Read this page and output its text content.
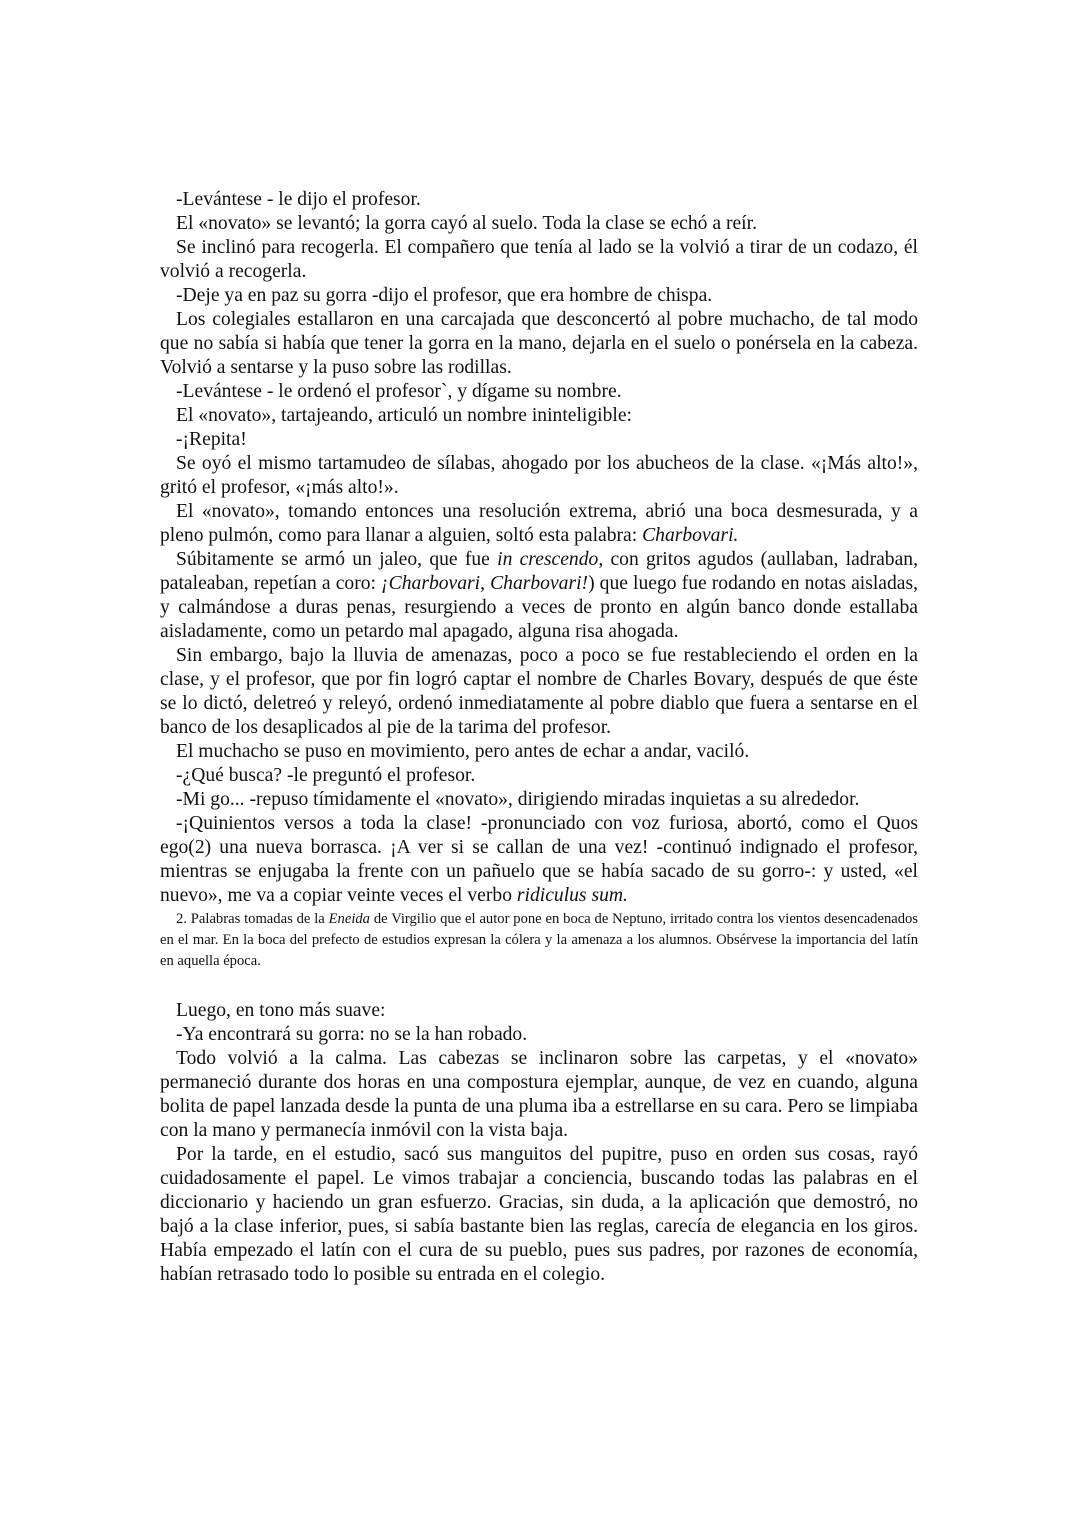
-Levántese - le dijo el profesor.

El «novato» se levantó; la gorra cayó al suelo. Toda la clase se echó a reír.

Se inclinó para recogerla. El compañero que tenía al lado se la volvió a tirar de un codazo, él volvió a recogerla.

-Deje ya en paz su gorra -dijo el profesor, que era hombre de chispa.

Los colegiales estallaron en una carcajada que desconcertó al pobre muchacho, de tal modo que no sabía si había que tener la gorra en la mano, dejarla en el suelo o ponérsela en la cabeza. Volvió a sentarse y la puso sobre las rodillas.

-Levántese - le ordenó el profesor`, y dígame su nombre.

El «novato», tartajeando, articuló un nombre ininteligible:

-¡Repita!

Se oyó el mismo tartamudeo de sílabas, ahogado por los abucheos de la clase. «¡Más alto!», gritó el profesor, «¡más alto!».

El «novato», tomando entonces una resolución extrema, abrió una boca desmesurada, y a pleno pulmón, como para llanar a alguien, soltó esta palabra: Charbovari.

Súbitamente se armó un jaleo, que fue in crescendo, con gritos agudos (aullaban, ladraban, pataleaban, repetían a coro: ¡Charbovari, Charbovari!) que luego fue rodando en notas aisladas, y calmándose a duras penas, resurgiendo a veces de pronto en algún banco donde estallaba aisladamente, como un petardo mal apagado, alguna risa ahogada.

Sin embargo, bajo la lluvia de amenazas, poco a poco se fue restableciendo el orden en la clase, y el profesor, que por fin logró captar el nombre de Charles Bovary, después de que éste se lo dictó, deletreó y releyó, ordenó inmediatamente al pobre diablo que fuera a sentarse en el banco de los desaplicados al pie de la tarima del profesor.

El muchacho se puso en movimiento, pero antes de echar a andar, vaciló.

-¿Qué busca? -le preguntó el profesor.

-Mi go... -repuso tímidamente el «novato», dirigiendo miradas inquietas a su alrededor.

-¡Quinientos versos a toda la clase! -pronunciado con voz furiosa, abortó, como el Quos ego(2) una nueva borrasca. ¡A ver si se callan de una vez! -continuó indignado el profesor, mientras se enjugaba la frente con un pañuelo que se había sacado de su gorro-: y usted, «el nuevo», me va a copiar veinte veces el verbo ridiculus sum.

2. Palabras tomadas de la Eneida de Virgilio que el autor pone en boca de Neptuno, irritado contra los vientos desencadenados en el mar. En la boca del prefecto de estudios expresan la cólera y la amenaza a los alumnos. Obsérvese la importancia del latín en aquella época.

Luego, en tono más suave:

-Ya encontrará su gorra: no se la han robado.

Todo volvió a la calma. Las cabezas se inclinaron sobre las carpetas, y el «novato» permaneció durante dos horas en una compostura ejemplar, aunque, de vez en cuando, alguna bolita de papel lanzada desde la punta de una pluma iba a estrellarse en su cara. Pero se limpiaba con la mano y permanecía inmóvil con la vista baja.

Por la tarde, en el estudio, sacó sus manguitos del pupitre, puso en orden sus cosas, rayó cuidadosamente el papel. Le vimos trabajar a conciencia, buscando todas las palabras en el diccionario y haciendo un gran esfuerzo. Gracias, sin duda, a la aplicación que demostró, no bajó a la clase inferior, pues, si sabía bastante bien las reglas, carecía de elegancia en los giros. Había empezado el latín con el cura de su pueblo, pues sus padres, por razones de economía, habían retrasado todo lo posible su entrada en el colegio.
